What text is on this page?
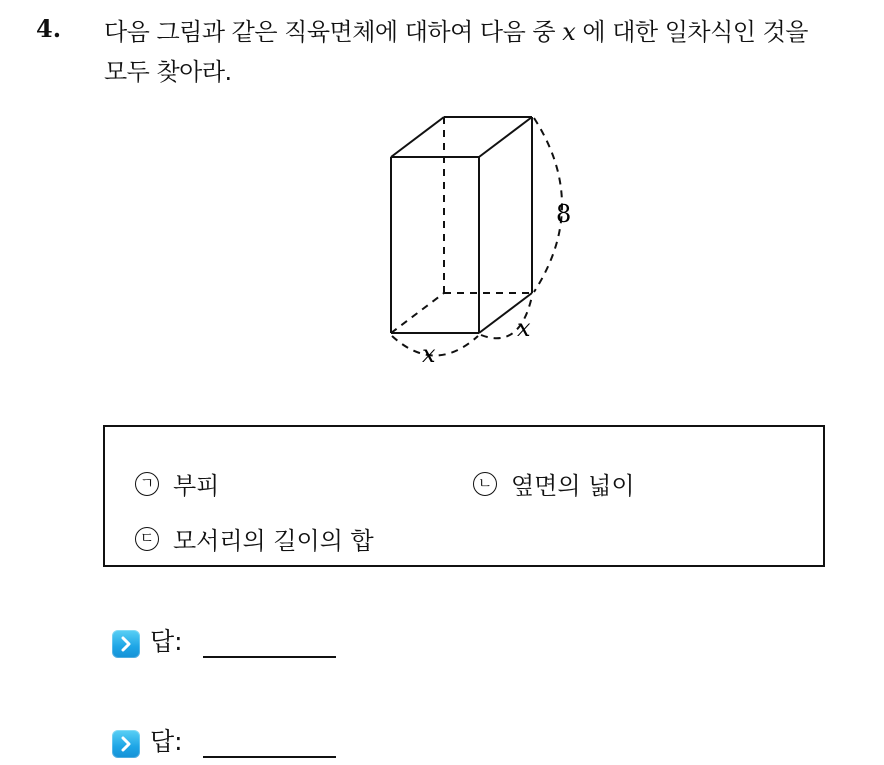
4. 다음 그림과 같은 직육면체에 대하여 다음 중 x 에 대한 일차식인 것을
모두 찾아라.
8
x
x
ㄱ 부피	ㄴ 옆면의 넓이
ㄷ 모서리의 길이의 합
답:
답:
